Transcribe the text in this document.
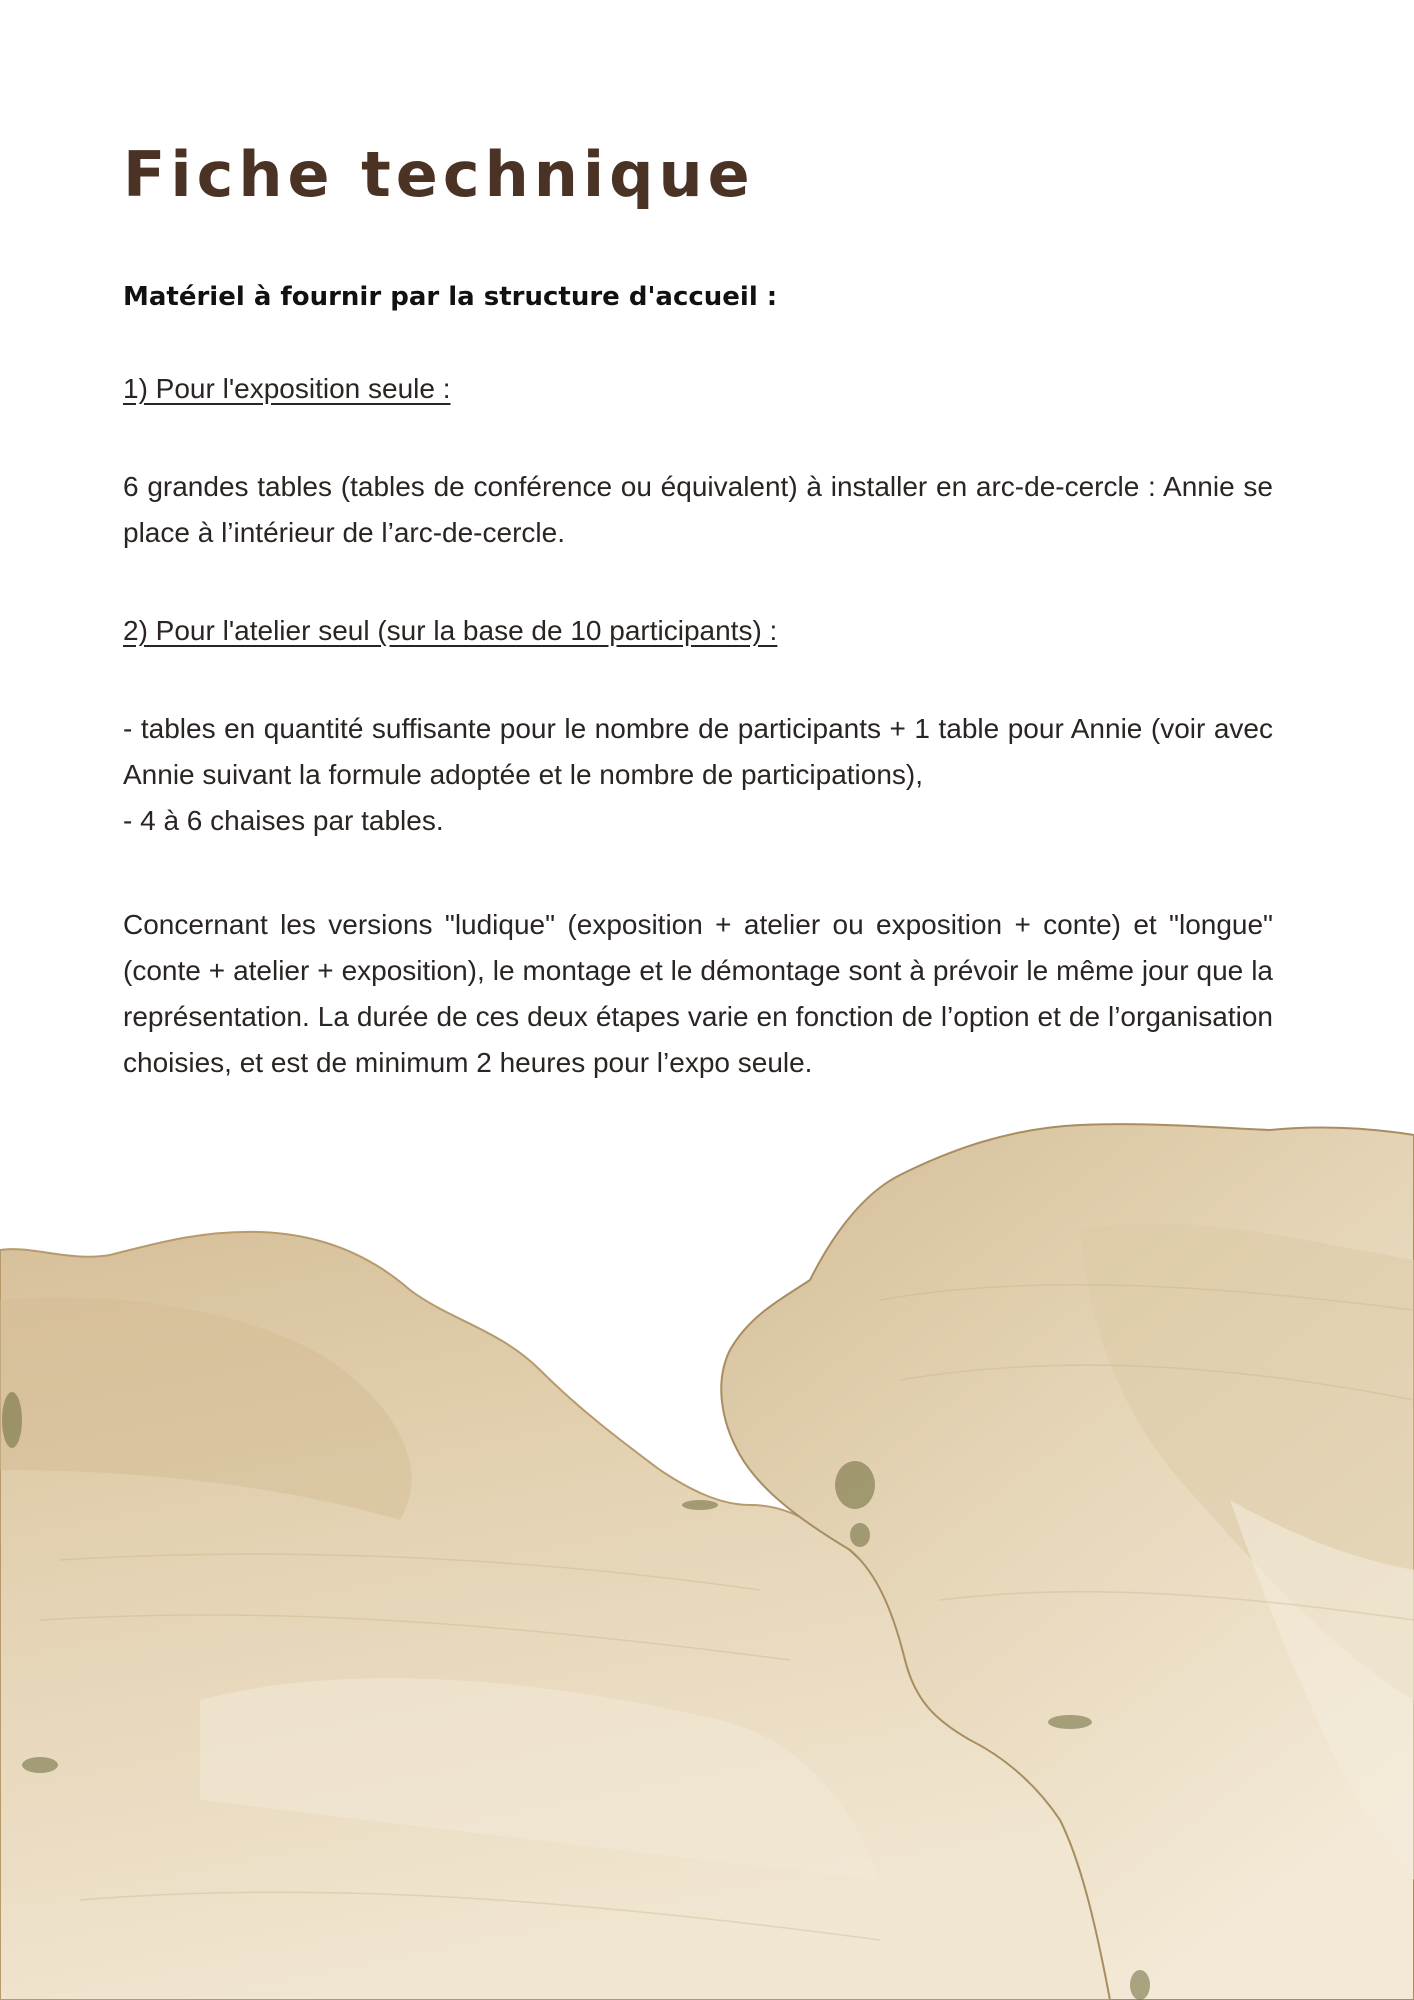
Fiche technique

Matériel à fournir par la structure d'accueil :

1) Pour l'exposition seule :

6 grandes tables (tables de conférence ou équivalent) à installer en arc-de-cercle : Annie se place à l’intérieur de l’arc-de-cercle.

2) Pour l'atelier seul (sur la base de 10 participants) :

- tables en quantité suffisante pour le nombre de participants + 1 table pour Annie (voir avec Annie suivant la formule adoptée et le nombre de participations),
- 4 à 6 chaises par tables.

Concernant les versions "ludique" (exposition + atelier ou exposition + conte) et "longue" (conte + atelier + exposition), le montage et le démontage sont à prévoir le même jour que la représentation. La durée de ces deux étapes varie en fonction de l’option et de l’organisation choisies, et est de minimum 2 heures pour l’expo seule.
